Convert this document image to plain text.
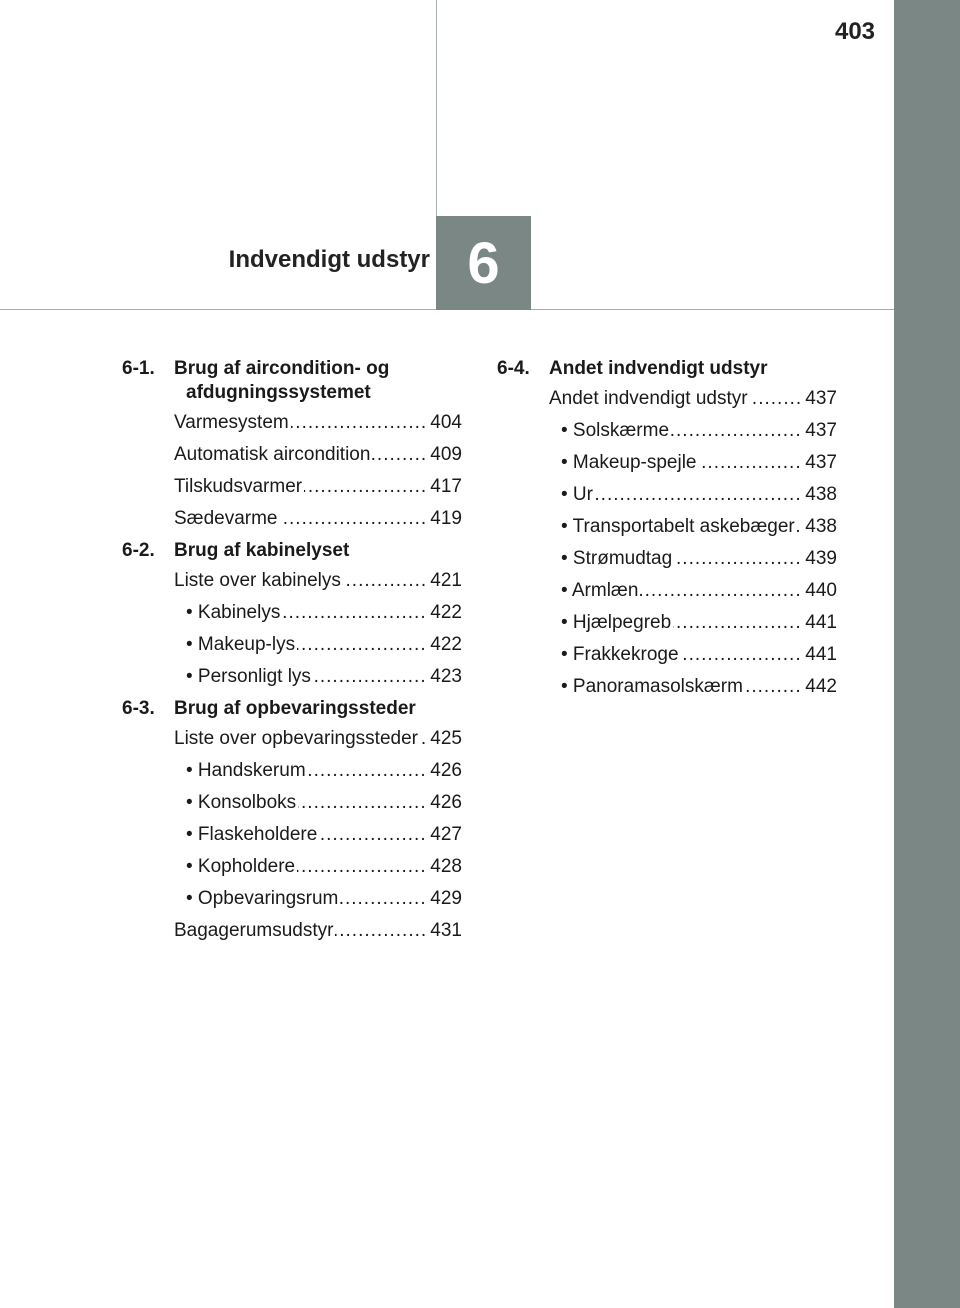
403
6
Indvendigt udstyr
6-1.	Brug af aircondition- og afdugningssystemet
Varmesystem .....	404
Automatisk aircondition .....	409
Tilskudsvarmer .....	417
Sædevarme .....	419
6-2.	Brug af kabinelyset
Liste over kabinelys .....	421
• Kabinelys .....	422
• Makeup-lys .....	422
• Personligt lys .....	423
6-3.	Brug af opbevaringssteder
Liste over opbevaringssteder ..... 425
• Handskerum .....	426
• Konsolboks .....	426
• Flaskeholdere .....	427
• Kopholdere .....	428
• Opbevaringsrum .....	429
Bagagerumsudstyr .....	431
6-4.	Andet indvendigt udstyr
Andet indvendigt udstyr .....	437
• Solskærme .....	437
• Makeup-spejle .....	437
• Ur .....	438
• Transportabelt askebæger ..... 438
• Strømudtag .....	439
• Armlæn .....	440
• Hjælpegreb .....	441
• Frakkekroge .....	441
• Panoramasolskærm .....	442
